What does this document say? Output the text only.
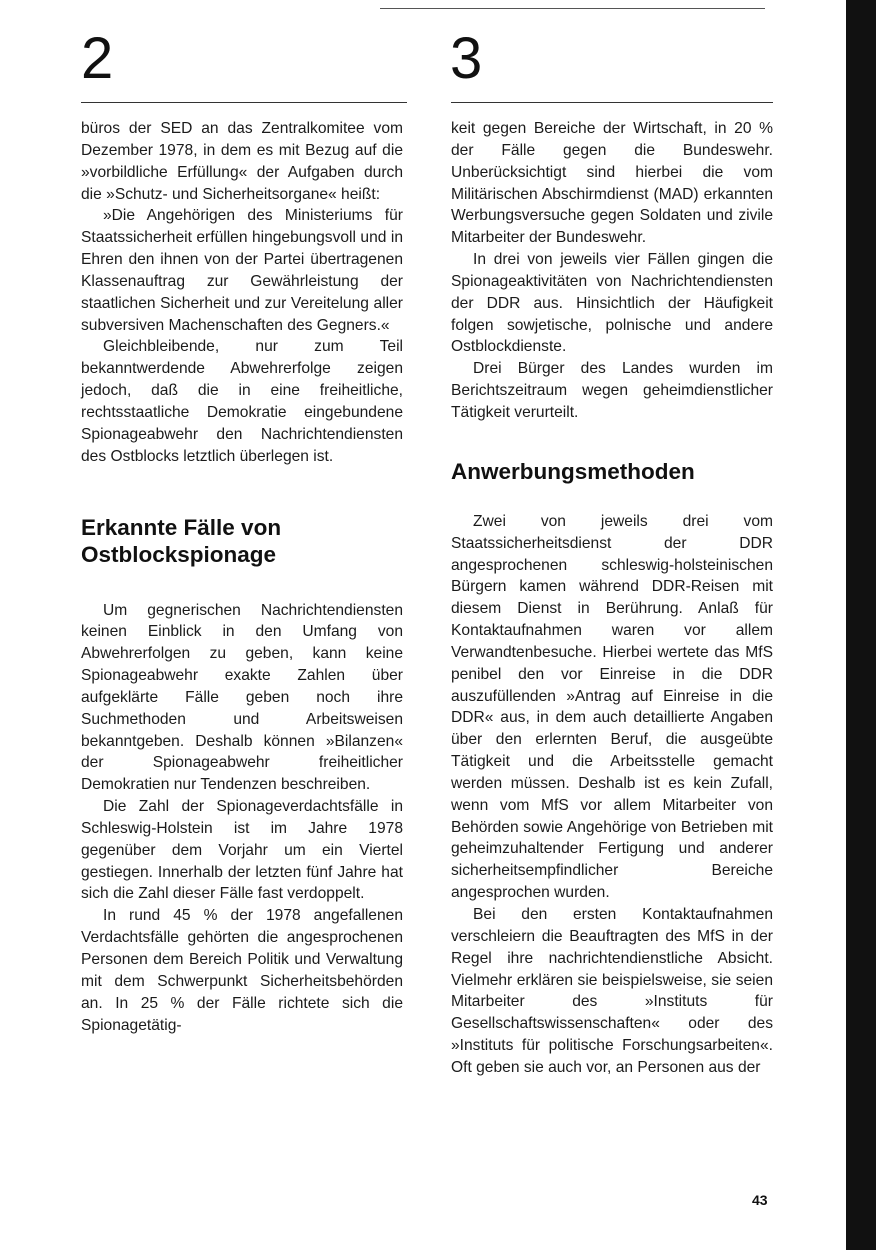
2	3

büros der SED an das Zentralkomitee vom Dezember 1978, in dem es mit Bezug auf die »vorbildliche Erfüllung« der Aufgaben durch die »Schutz- und Sicherheitsorgane« heißt:

»Die Angehörigen des Ministeriums für Staatssicherheit erfüllen hingebungsvoll und in Ehren den ihnen von der Partei übertragenen Klassenauftrag zur Gewährleistung der staatlichen Sicherheit und zur Vereitelung aller subversiven Machenschaften des Gegners.«

Gleichbleibende, nur zum Teil bekanntwerdende Abwehrerfolge zeigen jedoch, daß die in eine freiheitliche, rechtsstaatliche Demokratie eingebundene Spionageabwehr den Nachrichtendiensten des Ostblocks letztlich überlegen ist.

Erkannte Fälle von
Ostblockspionage

Um gegnerischen Nachrichtendiensten keinen Einblick in den Umfang von Abwehrerfolgen zu geben, kann keine Spionageabwehr exakte Zahlen über aufgeklärte Fälle geben noch ihre Suchmethoden und Arbeitsweisen bekanntgeben. Deshalb können »Bilanzen« der Spionageabwehr freiheitlicher Demokratien nur Tendenzen beschreiben.

Die Zahl der Spionageverdachtsfälle in Schleswig-Holstein ist im Jahre 1978 gegenüber dem Vorjahr um ein Viertel gestiegen. Innerhalb der letzten fünf Jahre hat sich die Zahl dieser Fälle fast verdoppelt.

In rund 45 % der 1978 angefallenen Verdachtsfälle gehörten die angesprochenen Personen dem Bereich Politik und Verwaltung mit dem Schwerpunkt Sicherheitsbehörden an. In 25 % der Fälle richtete sich die Spionagetätig-

keit gegen Bereiche der Wirtschaft, in 20 % der Fälle gegen die Bundeswehr. Unberücksichtigt sind hierbei die vom Militärischen Abschirmdienst (MAD) erkannten Werbungsversuche gegen Soldaten und zivile Mitarbeiter der Bundeswehr.

In drei von jeweils vier Fällen gingen die Spionageaktivitäten von Nachrichtendiensten der DDR aus. Hinsichtlich der Häufigkeit folgen sowjetische, polnische und andere Ostblockdienste.

Drei Bürger des Landes wurden im Berichtszeitraum wegen geheimdienstlicher Tätigkeit verurteilt.

Anwerbungsmethoden

Zwei von jeweils drei vom Staatssicherheitsdienst der DDR angesprochenen schleswig-holsteinischen Bürgern kamen während DDR-Reisen mit diesem Dienst in Berührung. Anlaß für Kontaktaufnahmen waren vor allem Verwandtenbesuche. Hierbei wertete das MfS penibel den vor Einreise in die DDR auszufüllenden »Antrag auf Einreise in die DDR« aus, in dem auch detaillierte Angaben über den erlernten Beruf, die ausgeübte Tätigkeit und die Arbeitsstelle gemacht werden müssen. Deshalb ist es kein Zufall, wenn vom MfS vor allem Mitarbeiter von Behörden sowie Angehörige von Betrieben mit geheimzuhaltender Fertigung und anderer sicherheitsempfindlicher Bereiche angesprochen wurden.

Bei den ersten Kontaktaufnahmen verschleiern die Beauftragten des MfS in der Regel ihre nachrichtendienstliche Absicht. Vielmehr erklären sie beispielsweise, sie seien Mitarbeiter des »Instituts für Gesellschaftswissenschaften« oder des »Instituts für politische Forschungsarbeiten«. Oft geben sie auch vor, an Personen aus der

43
